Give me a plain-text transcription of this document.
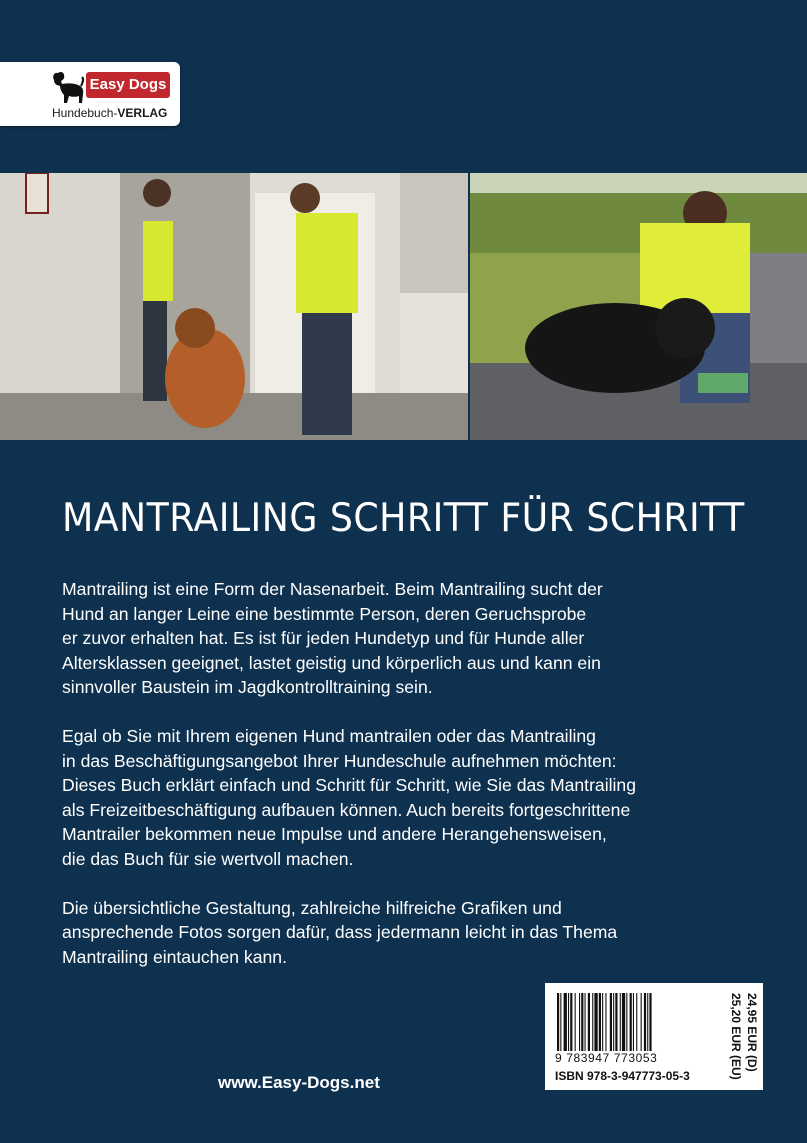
Easy Dogs
Hundebuch-VERLAG
MANTRAILING SCHRITT FÜR SCHRITT

Mantrailing ist eine Form der Nasenarbeit. Beim Mantrailing sucht der
Hund an langer Leine eine bestimmte Person, deren Geruchsprobe
er zuvor erhalten hat. Es ist für jeden Hundetyp und für Hunde aller
Altersklassen geeignet, lastet geistig und körperlich aus und kann ein
sinnvoller Baustein im Jagdkontrolltraining sein.

Egal ob Sie mit Ihrem eigenen Hund mantrailen oder das Mantrailing
in das Beschäftigungsangebot Ihrer Hundeschule aufnehmen möchten:
Dieses Buch erklärt einfach und Schritt für Schritt, wie Sie das Mantrailing
als Freizeitbeschäftigung aufbauen können. Auch bereits fortgeschrittene
Mantrailer bekommen neue Impulse und andere Herangehensweisen,
die das Buch für sie wertvoll machen.

Die übersichtliche Gestaltung, zahlreiche hilfreiche Grafiken und
ansprechende Fotos sorgen dafür, dass jedermann leicht in das Thema
Mantrailing eintauchen kann.

9 783947 773053
ISBN 978-3-947773-05-3
24,95 EUR (D)
25,20 EUR (EU)
www.Easy-Dogs.net
